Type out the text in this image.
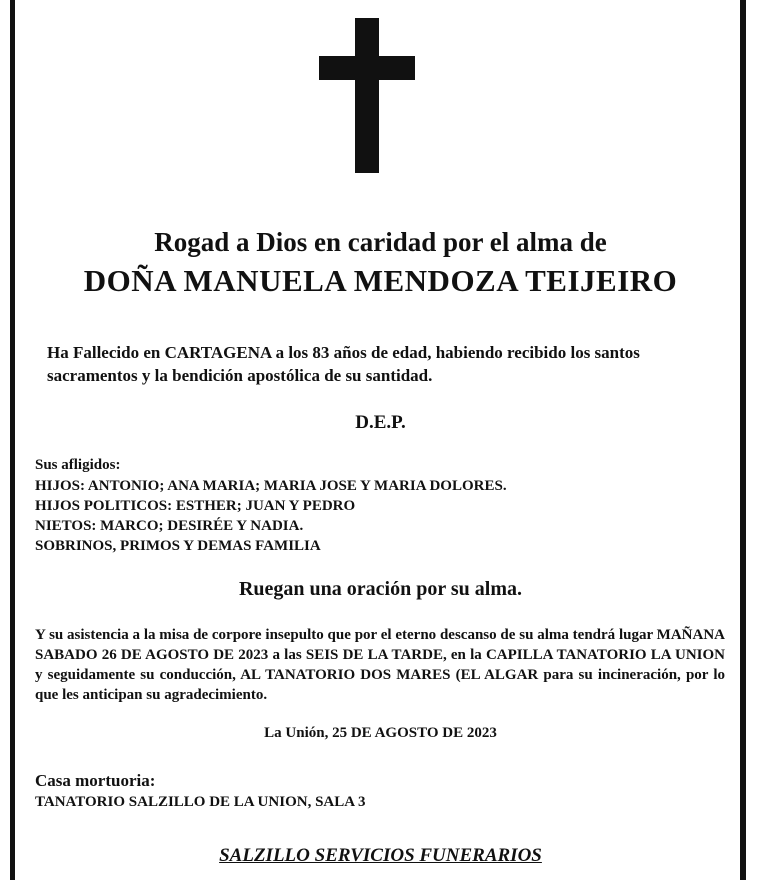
Rogad a Dios en caridad por el alma de
DOÑA MANUELA MENDOZA TEIJEIRO
Ha Fallecido en CARTAGENA a los 83 años de edad, habiendo recibido los santos sacramentos y la bendición apostólica de su santidad.
D.E.P.
Sus afligidos:
HIJOS: ANTONIO; ANA MARIA; MARIA JOSE Y MARIA DOLORES.
HIJOS POLITICOS: ESTHER; JUAN Y PEDRO
NIETOS: MARCO; DESIRÉE Y NADIA.
SOBRINOS, PRIMOS Y DEMAS FAMILIA
Ruegan una oración por su alma.

Y su asistencia a la misa de corpore insepulto que por el eterno descanso de su alma tendrá lugar MAÑANA SABADO 26 DE AGOSTO DE 2023 a las SEIS DE LA TARDE, en la CAPILLA TANATORIO LA UNION y seguidamente su conducción, AL TANATORIO DOS MARES (EL ALGAR para su incineración, por lo que les anticipan su agradecimiento.

La Unión, 25 DE AGOSTO DE 2023
Casa mortuoria:
TANATORIO SALZILLO DE LA UNION, SALA 3
SALZILLO SERVICIOS FUNERARIOS
